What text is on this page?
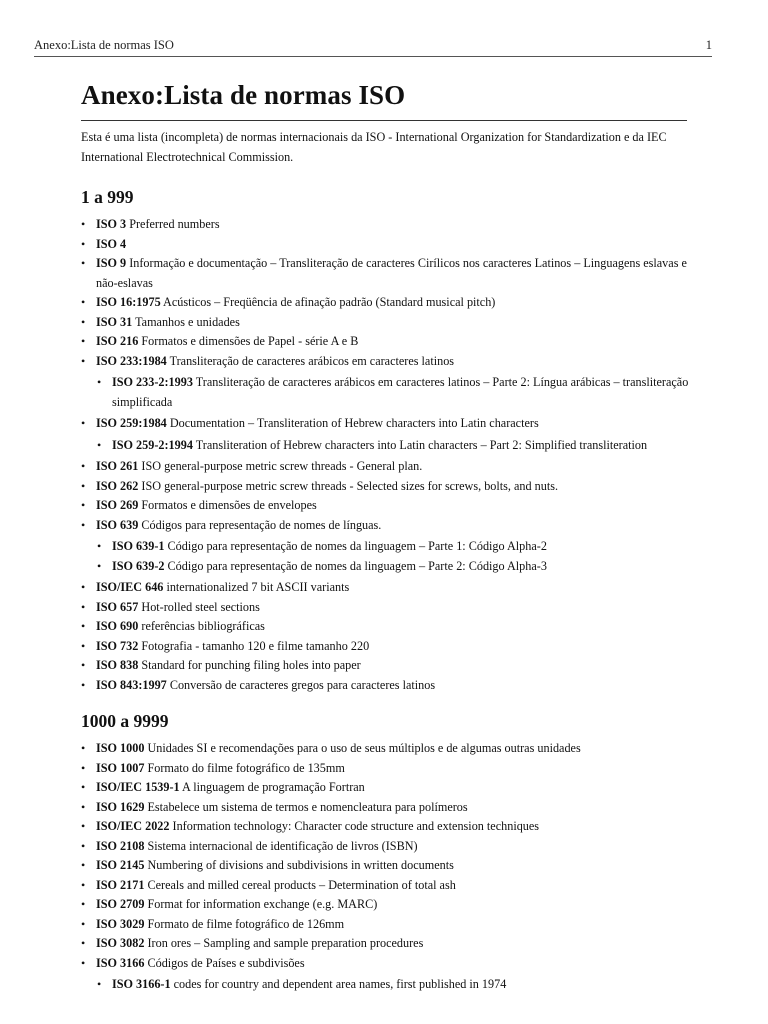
Anexo:Lista de normas ISO	1
Anexo:Lista de normas ISO

Esta é uma lista (incompleta) de normas internacionais da ISO - International Organization for Standardization e da IEC International Electrotechnical Commission.

1 a 999
• ISO 3 Preferred numbers
• ISO 4
• ISO 9 Informação e documentação – Transliteração de caracteres Cirílicos nos caracteres Latinos – Linguagens eslavas e não-eslavas
• ISO 16:1975 Acústicos – Freqüência de afinação padrão (Standard musical pitch)
• ISO 31 Tamanhos e unidades
• ISO 216 Formatos e dimensões de Papel - série A e B
• ISO 233:1984 Transliteração de caracteres arábicos em caracteres latinos
• ISO 233-2:1993 Transliteração de caracteres arábicos em caracteres latinos – Parte 2: Língua arábicas – transliteração simplificada
• ISO 259:1984 Documentation – Transliteration of Hebrew characters into Latin characters
• ISO 259-2:1994 Transliteration of Hebrew characters into Latin characters – Part 2: Simplified transliteration
• ISO 261 ISO general-purpose metric screw threads - General plan.
• ISO 262 ISO general-purpose metric screw threads - Selected sizes for screws, bolts, and nuts.
• ISO 269 Formatos e dimensões de envelopes
• ISO 639 Códigos para representação de nomes de línguas.
• ISO 639-1 Código para representação de nomes da linguagem – Parte 1: Código Alpha-2
• ISO 639-2 Código para representação de nomes da linguagem – Parte 2: Código Alpha-3
• ISO/IEC 646 internationalized 7 bit ASCII variants
• ISO 657 Hot-rolled steel sections
• ISO 690 referências bibliográficas
• ISO 732 Fotografia - tamanho 120 e filme tamanho 220
• ISO 838 Standard for punching filing holes into paper
• ISO 843:1997 Conversão de caracteres gregos para caracteres latinos
1000 a 9999
• ISO 1000 Unidades SI e recomendações para o uso de seus múltiplos e de algumas outras unidades
• ISO 1007 Formato do filme fotográfico de 135mm
• ISO/IEC 1539-1 A linguagem de programação Fortran
• ISO 1629 Estabelece um sistema de termos e nomencleatura para polímeros
• ISO/IEC 2022 Information technology: Character code structure and extension techniques
• ISO 2108 Sistema internacional de identificação de livros (ISBN)
• ISO 2145 Numbering of divisions and subdivisions in written documents
• ISO 2171 Cereals and milled cereal products – Determination of total ash
• ISO 2709 Format for information exchange (e.g. MARC)
• ISO 3029 Formato de filme fotográfico de 126mm
• ISO 3082 Iron ores – Sampling and sample preparation procedures
• ISO 3166 Códigos de Países e subdivisões
• ISO 3166-1 codes for country and dependent area names, first published in 1974
